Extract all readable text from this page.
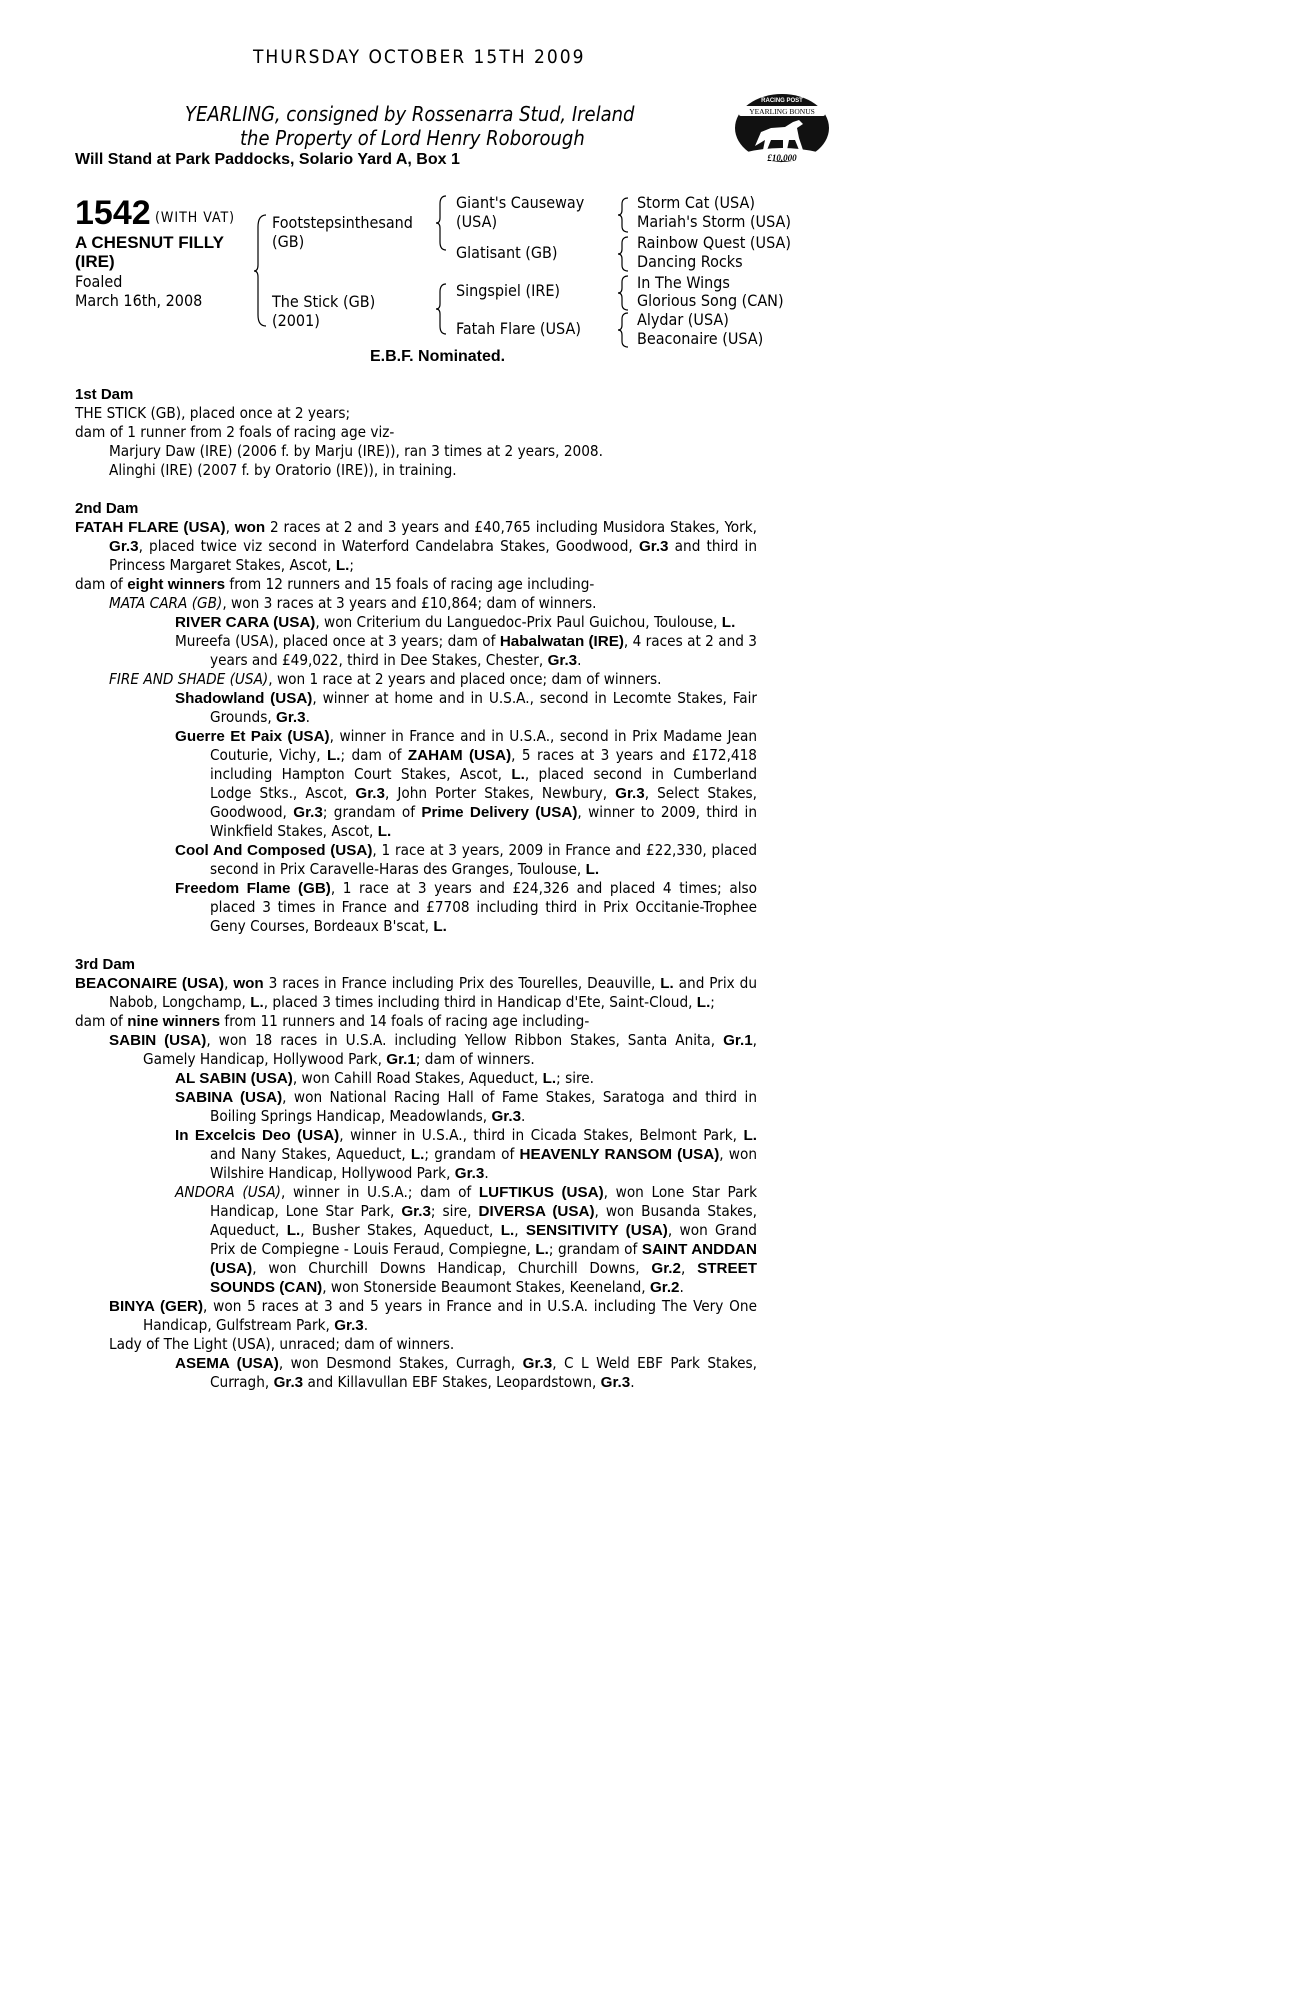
THURSDAY OCTOBER 15TH 2009
YEARLING, consigned by Rossenarra Stud, Ireland
the Property of Lord Henry Roborough
Will Stand at Park Paddocks, Solario Yard A, Box 1
RACING POST
YEARLING BONUS
£10,000
1542 (WITH VAT)
A CHESNUT FILLY
(IRE)
Foaled
March 16th, 2008
Footstepsinthesand
(GB)
The Stick (GB)
(2001)
Giant's Causeway
(USA)
Glatisant (GB)
Singspiel (IRE)
Fatah Flare (USA)
Storm Cat (USA)
Mariah's Storm (USA)
Rainbow Quest (USA)
Dancing Rocks
In The Wings
Glorious Song (CAN)
Alydar (USA)
Beaconaire (USA)
E.B.F. Nominated.

1st Dam

THE STICK (GB), placed once at 2 years;

dam of 1 runner from 2 foals of racing age viz-

Marjury Daw (IRE) (2006 f. by Marju (IRE)), ran 3 times at 2 years, 2008.

Alinghi (IRE) (2007 f. by Oratorio (IRE)), in training.

2nd Dam

FATAH FLARE (USA), won 2 races at 2 and 3 years and £40,765 including Musidora Stakes, York, Gr.3, placed twice viz second in Waterford Candelabra Stakes, Goodwood, Gr.3 and third in Princess Margaret Stakes, Ascot, L.;

dam of eight winners from 12 runners and 15 foals of racing age including-

MATA CARA (GB), won 3 races at 3 years and £10,864; dam of winners.

RIVER CARA (USA), won Criterium du Languedoc-Prix Paul Guichou, Toulouse, L.

Mureefa (USA), placed once at 3 years; dam of Habalwatan (IRE), 4 races at 2 and 3 years and £49,022, third in Dee Stakes, Chester, Gr.3.

FIRE AND SHADE (USA), won 1 race at 2 years and placed once; dam of winners.

Shadowland (USA), winner at home and in U.S.A., second in Lecomte Stakes, Fair Grounds, Gr.3.

Guerre Et Paix (USA), winner in France and in U.S.A., second in Prix Madame Jean Couturie, Vichy, L.; dam of ZAHAM (USA), 5 races at 3 years and £172,418 including Hampton Court Stakes, Ascot, L., placed second in Cumberland Lodge Stks., Ascot, Gr.3, John Porter Stakes, Newbury, Gr.3, Select Stakes, Goodwood, Gr.3; grandam of Prime Delivery (USA), winner to 2009, third in Winkfield Stakes, Ascot, L.

Cool And Composed (USA), 1 race at 3 years, 2009 in France and £22,330, placed second in Prix Caravelle-Haras des Granges, Toulouse, L.

Freedom Flame (GB), 1 race at 3 years and £24,326 and placed 4 times; also placed 3 times in France and £7708 including third in Prix Occitanie-Trophee Geny Courses, Bordeaux B'scat, L.

3rd Dam

BEACONAIRE (USA), won 3 races in France including Prix des Tourelles, Deauville, L. and Prix du Nabob, Longchamp, L., placed 3 times including third in Handicap d'Ete, Saint-Cloud, L.;

dam of nine winners from 11 runners and 14 foals of racing age including-

SABIN (USA), won 18 races in U.S.A. including Yellow Ribbon Stakes, Santa Anita, Gr.1, Gamely Handicap, Hollywood Park, Gr.1; dam of winners.

AL SABIN (USA), won Cahill Road Stakes, Aqueduct, L.; sire.

SABINA (USA), won National Racing Hall of Fame Stakes, Saratoga and third in Boiling Springs Handicap, Meadowlands, Gr.3.

In Excelcis Deo (USA), winner in U.S.A., third in Cicada Stakes, Belmont Park, L. and Nany Stakes, Aqueduct, L.; grandam of HEAVENLY RANSOM (USA), won Wilshire Handicap, Hollywood Park, Gr.3.

ANDORA (USA), winner in U.S.A.; dam of LUFTIKUS (USA), won Lone Star Park Handicap, Lone Star Park, Gr.3; sire, DIVERSA (USA), won Busanda Stakes, Aqueduct, L., Busher Stakes, Aqueduct, L., SENSITIVITY (USA), won Grand Prix de Compiegne - Louis Feraud, Compiegne, L.; grandam of SAINT ANDDAN (USA), won Churchill Downs Handicap, Churchill Downs, Gr.2, STREET SOUNDS (CAN), won Stonerside Beaumont Stakes, Keeneland, Gr.2.

BINYA (GER), won 5 races at 3 and 5 years in France and in U.S.A. including The Very One Handicap, Gulfstream Park, Gr.3.

Lady of The Light (USA), unraced; dam of winners.

ASEMA (USA), won Desmond Stakes, Curragh, Gr.3, C L Weld EBF Park Stakes, Curragh, Gr.3 and Killavullan EBF Stakes, Leopardstown, Gr.3.
